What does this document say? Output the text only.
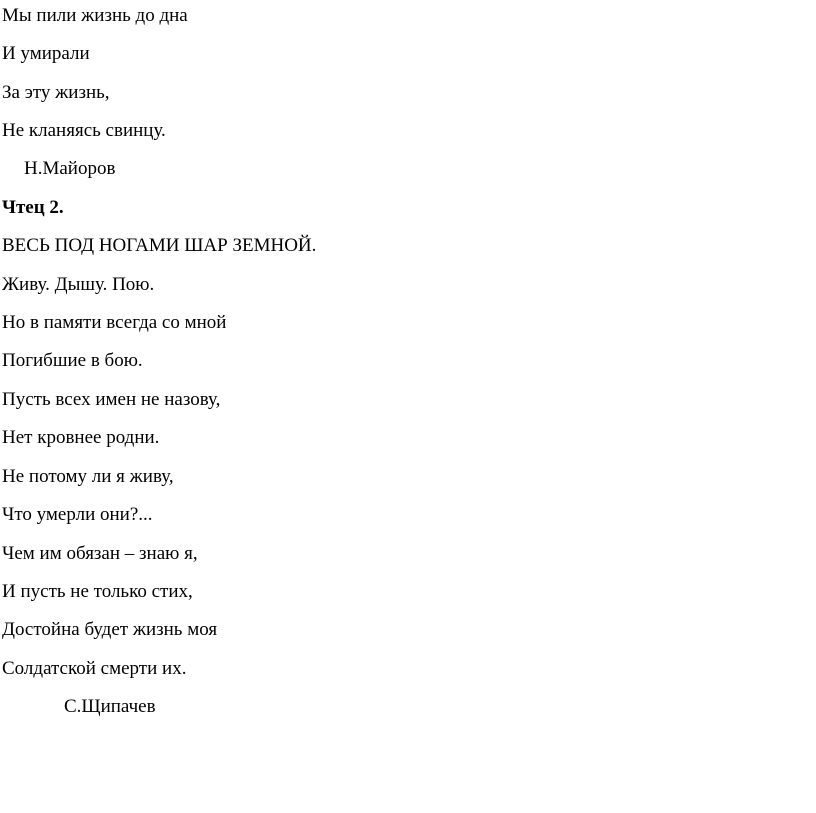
Мы пили жизнь до дна
И умирали
За эту жизнь,
Не кланяясь свинцу.
Н.Майоров
Чтец 2.
ВЕСЬ ПОД НОГАМИ ШАР ЗЕМНОЙ.
Живу. Дышу. Пою.
Но в памяти всегда со мной
Погибшие в бою.
Пусть всех имен не назову,
Нет кровнее родни.
Не потому ли я живу,
Что умерли они?...
Чем им обязан – знаю я,
И пусть не только стих,
Достойна будет жизнь моя
Солдатской смерти их.
С.Щипачев
